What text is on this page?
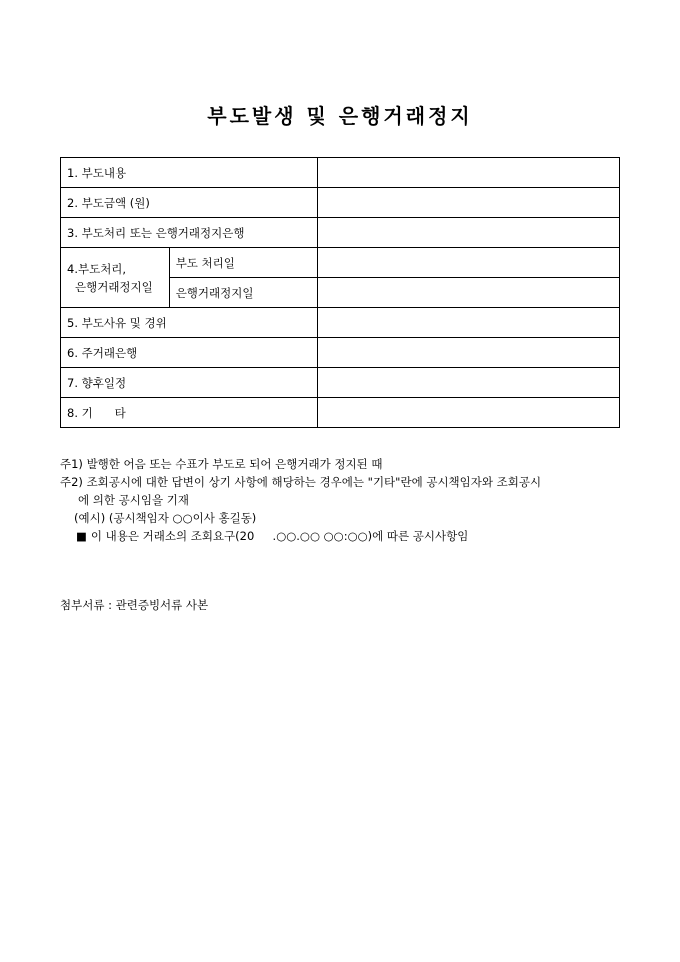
부도발생 및 은행거래정지
1. 부도내용		
2. 부도금액 (원)		
3. 부도처리 또는 은행거래정지은행		

4.부도처리,
은행거래정지일	부도 처리일	
	은행거래정지일	
5. 부도사유 및 경위		
6. 주거래은행		
7. 향후일정		
8. 기      타		
주1) 발행한 어음 또는 수표가 부도로 되어 은행거래가 정지된 때
주2) 조회공시에 대한 답변이 상기 사항에 해당하는 경우에는 "기타"란에 공시책임자와 조회공시
에 의한 공시임을 기재
(예시) (공시책임자 ○○이사 홍길동)
■ 이 내용은 거래소의 조회요구(20     .○○.○○ ○○:○○)에 따른 공시사항임
첨부서류 : 관련증빙서류 사본
